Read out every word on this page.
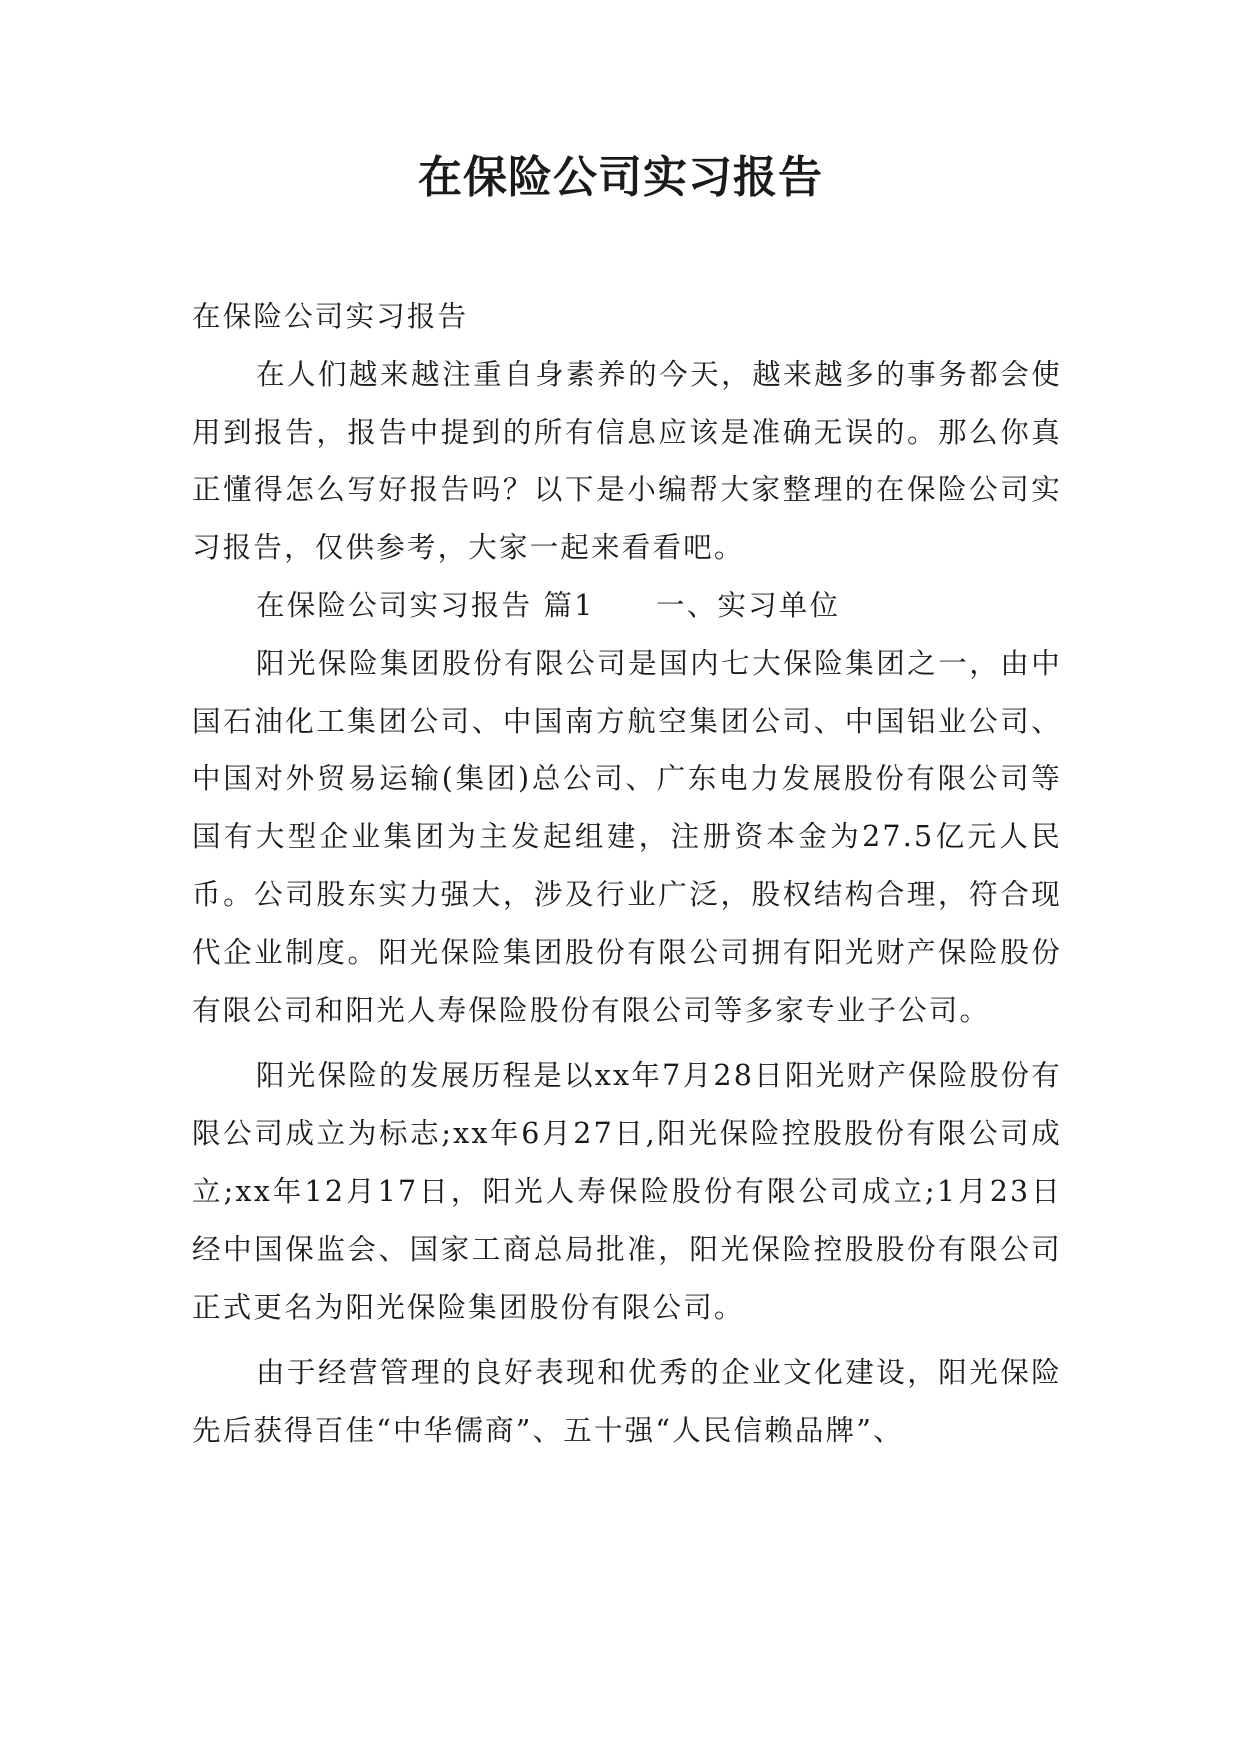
在保险公司实习报告

在保险公司实习报告

在人们越来越注重自身素养的今天，越来越多的事务都会使用到报告，报告中提到的所有信息应该是准确无误的。那么你真正懂得怎么写好报告吗？以下是小编帮大家整理的在保险公司实习报告，仅供参考，大家一起来看看吧。

在保险公司实习报告 篇1　　一、实习单位

阳光保险集团股份有限公司是国内七大保险集团之一，由中国石油化工集团公司、中国南方航空集团公司、中国铝业公司、中国对外贸易运输(集团)总公司、广东电力发展股份有限公司等国有大型企业集团为主发起组建，注册资本金为27.5亿元人民币。公司股东实力强大，涉及行业广泛，股权结构合理，符合现代企业制度。阳光保险集团股份有限公司拥有阳光财产保险股份有限公司和阳光人寿保险股份有限公司等多家专业子公司。

阳光保险的发展历程是以xx年7月28日阳光财产保险股份有限公司成立为标志;xx年6月27日,阳光保险控股股份有限公司成立;xx年12月17日，阳光人寿保险股份有限公司成立;1月23日经中国保监会、国家工商总局批准，阳光保险控股股份有限公司正式更名为阳光保险集团股份有限公司。

由于经营管理的良好表现和优秀的企业文化建设，阳光保险先后获得百佳“中华儒商”、五十强“人民信赖品牌”、
